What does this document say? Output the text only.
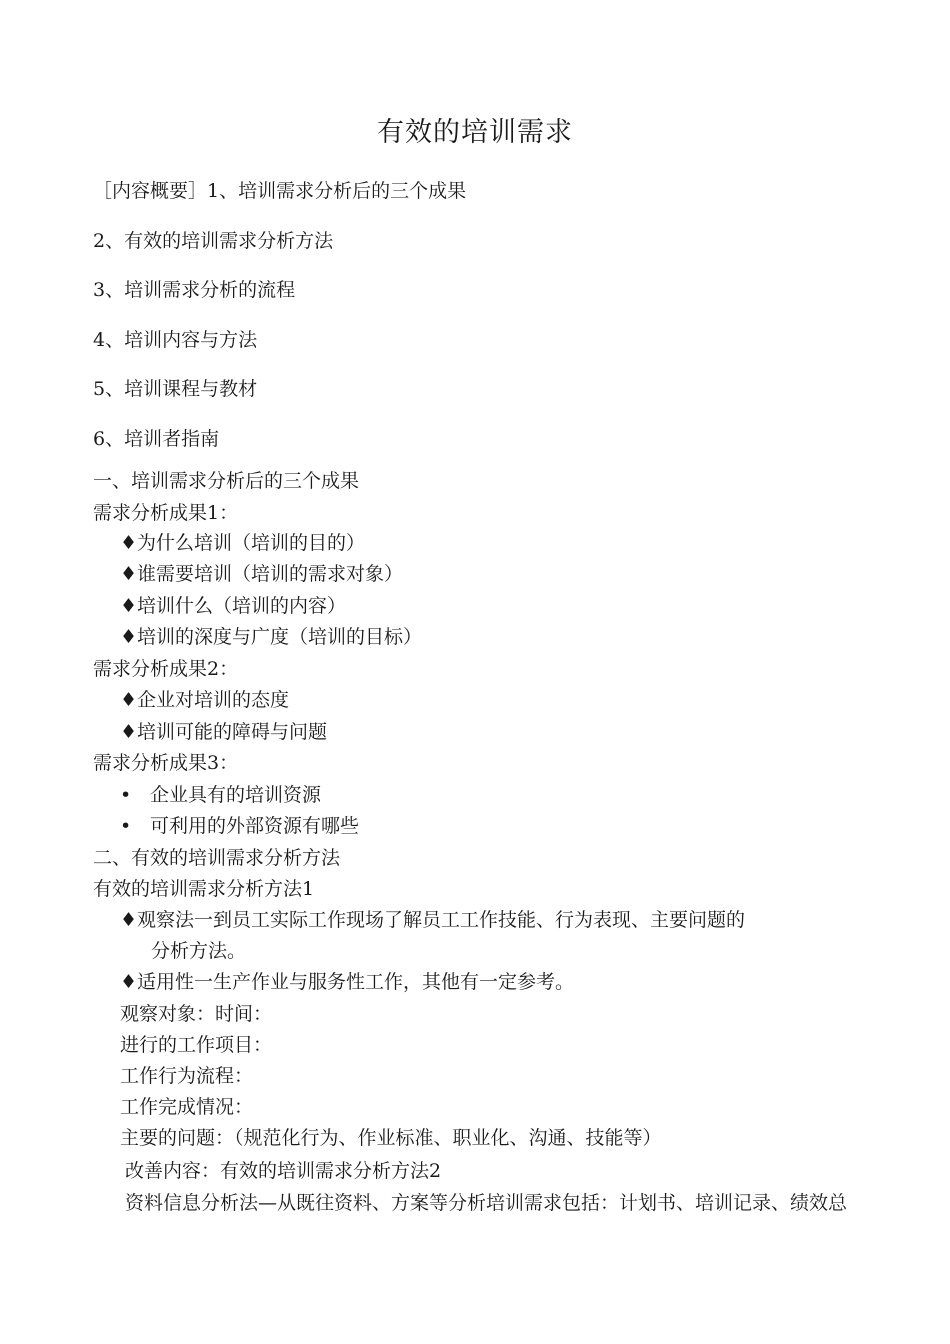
有效的培训需求
［内容概要］1、培训需求分析后的三个成果
2、有效的培训需求分析方法
3、培训需求分析的流程
4、培训内容与方法
5、培训课程与教材
6、培训者指南
一、培训需求分析后的三个成果
需求分析成果1：
♦为什么培训（培训的目的）
♦谁需要培训（培训的需求对象）
♦培训什么（培训的内容）
♦培训的深度与广度（培训的目标）
需求分析成果2：
♦企业对培训的态度
♦培训可能的障碍与问题
需求分析成果3：
• 企业具有的培训资源
• 可利用的外部资源有哪些
二、有效的培训需求分析方法
有效的培训需求分析方法1
♦观察法一到员工实际工作现场了解员工工作技能、行为表现、主要问题的
分析方法。
♦适用性一生产作业与服务性工作，其他有一定参考。
观察对象：时间：
进行的工作项目：
工作行为流程：
工作完成情况：
主要的问题：（规范化行为、作业标准、职业化、沟通、技能等）
改善内容：有效的培训需求分析方法2
资料信息分析法—从既往资料、方案等分析培训需求包括：计划书、培训记录、绩效总
